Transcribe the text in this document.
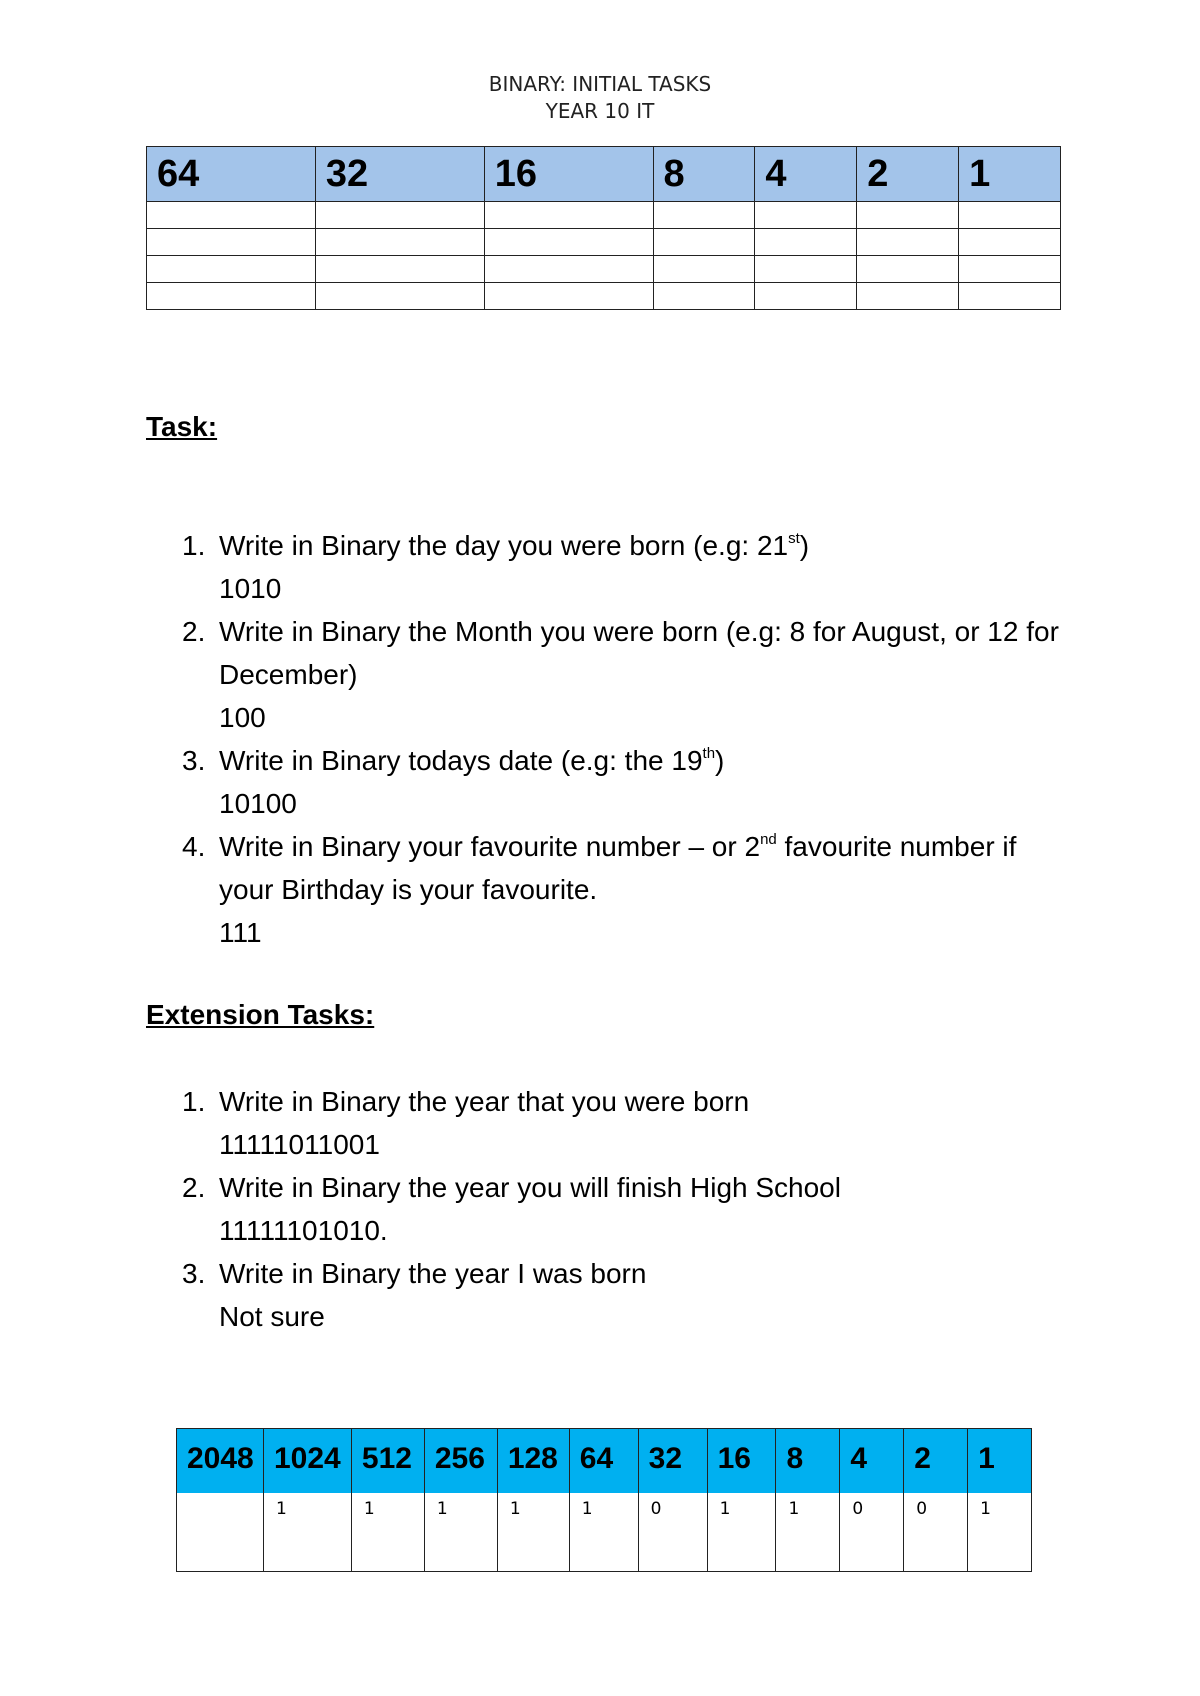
BINARY: INITIAL TASKS
YEAR 10 IT
64	32	16	8	4	2	1

Task:
1. Write in Binary the day you were born (e.g: 21st)
1010
2. Write in Binary the Month you were born (e.g: 8 for August, or 12 for December)
100
3. Write in Binary todays date (e.g: the 19th)
10100
4. Write in Binary your favourite number – or 2nd favourite number if your Birthday is your favourite.
111
Extension Tasks:
1. Write in Binary the year that you were born
11111011001
2. Write in Binary the year you will finish High School
11111101010.
3. Write in Binary the year I was born
Not sure
2048	1024	512	256	128	64	32	16	8	4	2	1
	1	1	1	1	1	0	1	1	0	0	1
